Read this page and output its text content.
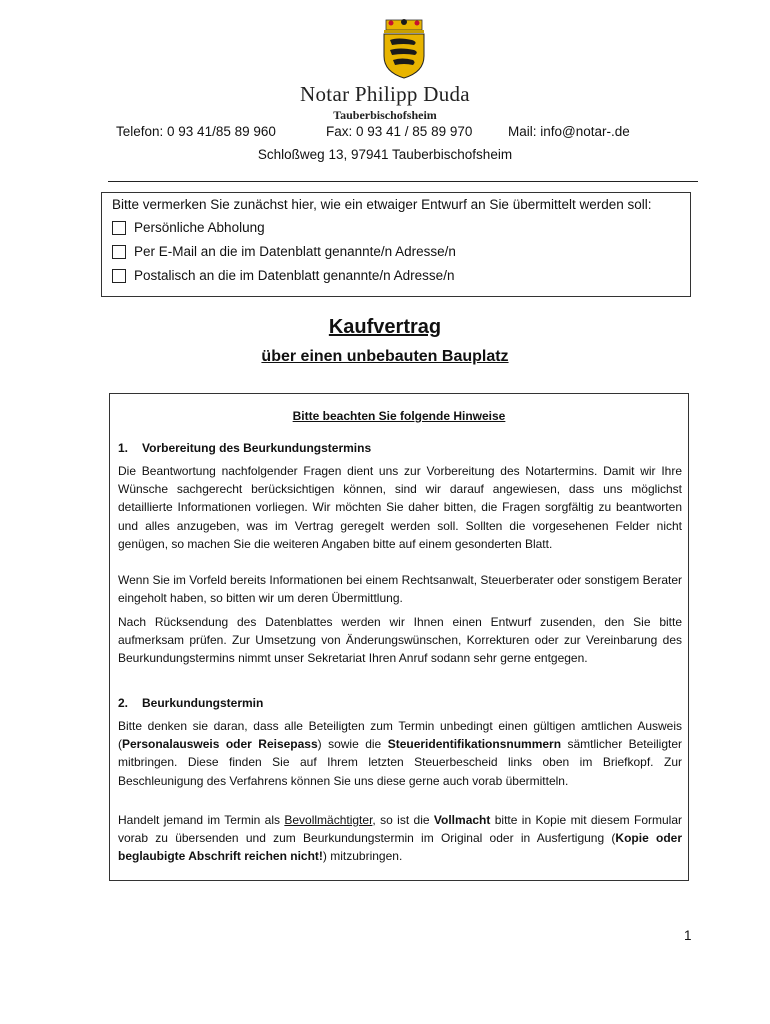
Notar Philipp Duda
Tauberbischofsheim
Telefon: 0 93 41/85 89 960	Fax: 0 93 41 / 85 89 970	Mail: info@notar-.de
Schloßweg 13, 97941 Tauberbischofsheim
Bitte vermerken Sie zunächst hier, wie ein etwaiger Entwurf an Sie übermittelt werden soll:
Persönliche Abholung
Per E-Mail an die im Datenblatt genannte/n Adresse/n
Postalisch an die im Datenblatt genannte/n Adresse/n
Kaufvertrag
über einen unbebauten Bauplatz
Bitte beachten Sie folgende Hinweise
1. Vorbereitung des Beurkundungstermins

Die Beantwortung nachfolgender Fragen dient uns zur Vorbereitung des Notartermins. Damit wir Ihre Wünsche sachgerecht berücksichtigen können, sind wir darauf angewiesen, dass uns möglichst detaillierte Informationen vorliegen. Wir möchten Sie daher bitten, die Fragen sorgfältig zu beantworten und alles anzugeben, was im Vertrag geregelt werden soll. Sollten die vorgesehenen Felder nicht genügen, so machen Sie die weiteren Angaben bitte auf einem gesonderten Blatt.

Wenn Sie im Vorfeld bereits Informationen bei einem Rechtsanwalt, Steuerberater oder sonstigem Berater eingeholt haben, so bitten wir um deren Übermittlung.

Nach Rücksendung des Datenblattes werden wir Ihnen einen Entwurf zusenden, den Sie bitte aufmerksam prüfen. Zur Umsetzung von Änderungswünschen, Korrekturen oder zur Vereinbarung des Beurkundungstermins nimmt unser Sekretariat Ihren Anruf sodann sehr gerne entgegen.

2. Beurkundungstermin

Bitte denken sie daran, dass alle Beteiligten zum Termin unbedingt einen gültigen amtlichen Ausweis (Personalausweis oder Reisepass) sowie die Steueridentifikationsnummern sämtlicher Beteiligter mitbringen. Diese finden Sie auf Ihrem letzten Steuerbescheid links oben im Briefkopf. Zur Beschleunigung des Verfahrens können Sie uns diese gerne auch vorab übermitteln.

Handelt jemand im Termin als Bevollmächtigter, so ist die Vollmacht bitte in Kopie mit diesem Formular vorab zu übersenden und zum Beurkundungstermin im Original oder in Ausfertigung (Kopie oder beglaubigte Abschrift reichen nicht!) mitzubringen.

1
